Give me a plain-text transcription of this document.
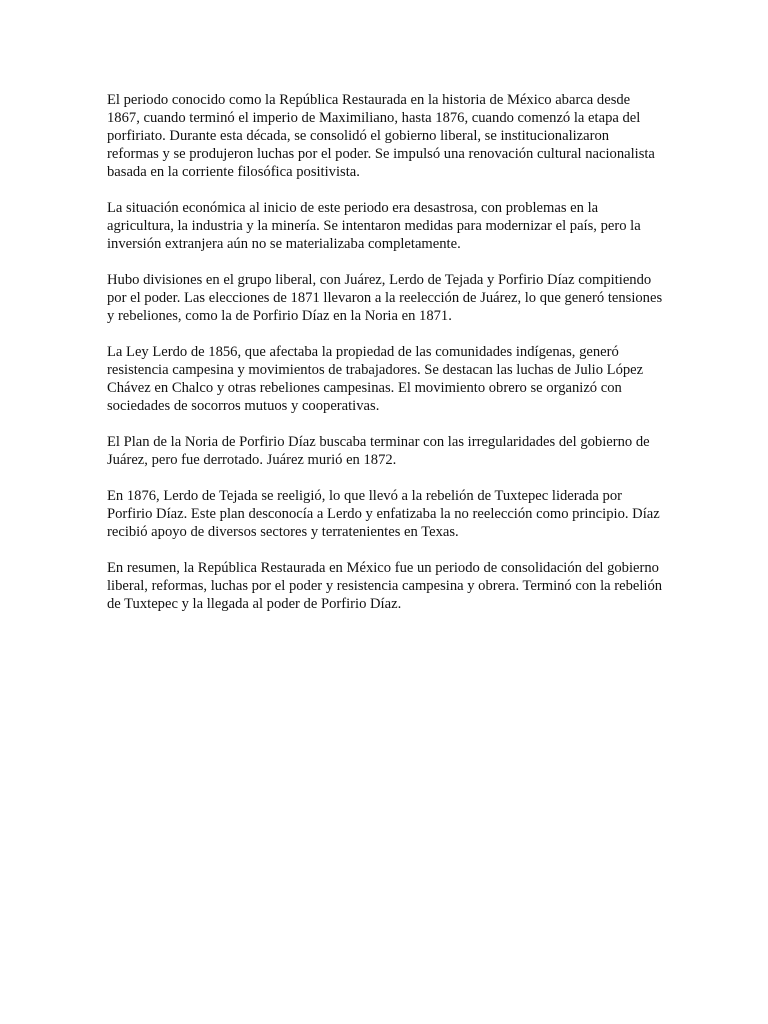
El periodo conocido como la República Restaurada en la historia de México abarca desde 1867, cuando terminó el imperio de Maximiliano, hasta 1876, cuando comenzó la etapa del porfiriato. Durante esta década, se consolidó el gobierno liberal, se institucionalizaron reformas y se produjeron luchas por el poder. Se impulsó una renovación cultural nacionalista basada en la corriente filosófica positivista.

La situación económica al inicio de este periodo era desastrosa, con problemas en la agricultura, la industria y la minería. Se intentaron medidas para modernizar el país, pero la inversión extranjera aún no se materializaba completamente.

Hubo divisiones en el grupo liberal, con Juárez, Lerdo de Tejada y Porfirio Díaz compitiendo por el poder. Las elecciones de 1871 llevaron a la reelección de Juárez, lo que generó tensiones y rebeliones, como la de Porfirio Díaz en la Noria en 1871.

La Ley Lerdo de 1856, que afectaba la propiedad de las comunidades indígenas, generó resistencia campesina y movimientos de trabajadores. Se destacan las luchas de Julio López Chávez en Chalco y otras rebeliones campesinas. El movimiento obrero se organizó con sociedades de socorros mutuos y cooperativas.

El Plan de la Noria de Porfirio Díaz buscaba terminar con las irregularidades del gobierno de Juárez, pero fue derrotado. Juárez murió en 1872.

En 1876, Lerdo de Tejada se reeligió, lo que llevó a la rebelión de Tuxtepec liderada por Porfirio Díaz. Este plan desconocía a Lerdo y enfatizaba la no reelección como principio. Díaz recibió apoyo de diversos sectores y terratenientes en Texas.

En resumen, la República Restaurada en México fue un periodo de consolidación del gobierno liberal, reformas, luchas por el poder y resistencia campesina y obrera. Terminó con la rebelión de Tuxtepec y la llegada al poder de Porfirio Díaz.
